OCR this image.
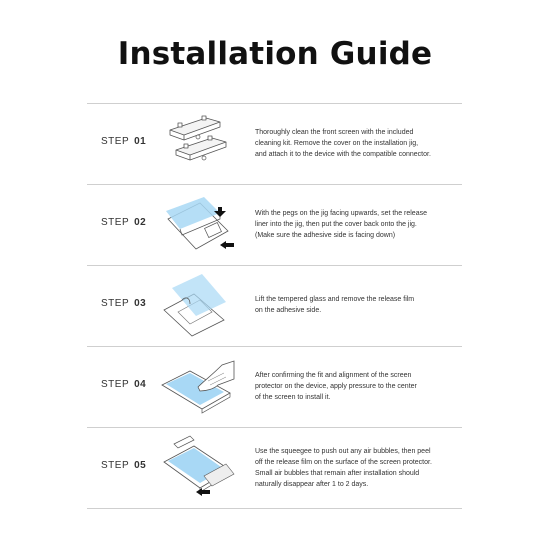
Installation Guide
STEP 01
Thoroughly clean the front screen with the included
cleaning kit. Remove the cover on the installation jig,
and attach it to the device with the compatible connector.
STEP 02
With the pegs on the jig facing upwards, set the release
liner into the jig, then put the cover back onto the jig.
(Make sure the adhesive side is facing down)
STEP 03	Lift the tempered glass and remove the release film
on the adhesive side.
STEP 04
After confirming the fit and alignment of the screen
protector on the device, apply pressure to the center
of the screen to install it.
STEP 05
Use the squeegee to push out any air bubbles, then peel
off the release film on the surface of the screen protector.
Small air bubbles that remain after installation should
naturally disappear after 1 to 2 days.
